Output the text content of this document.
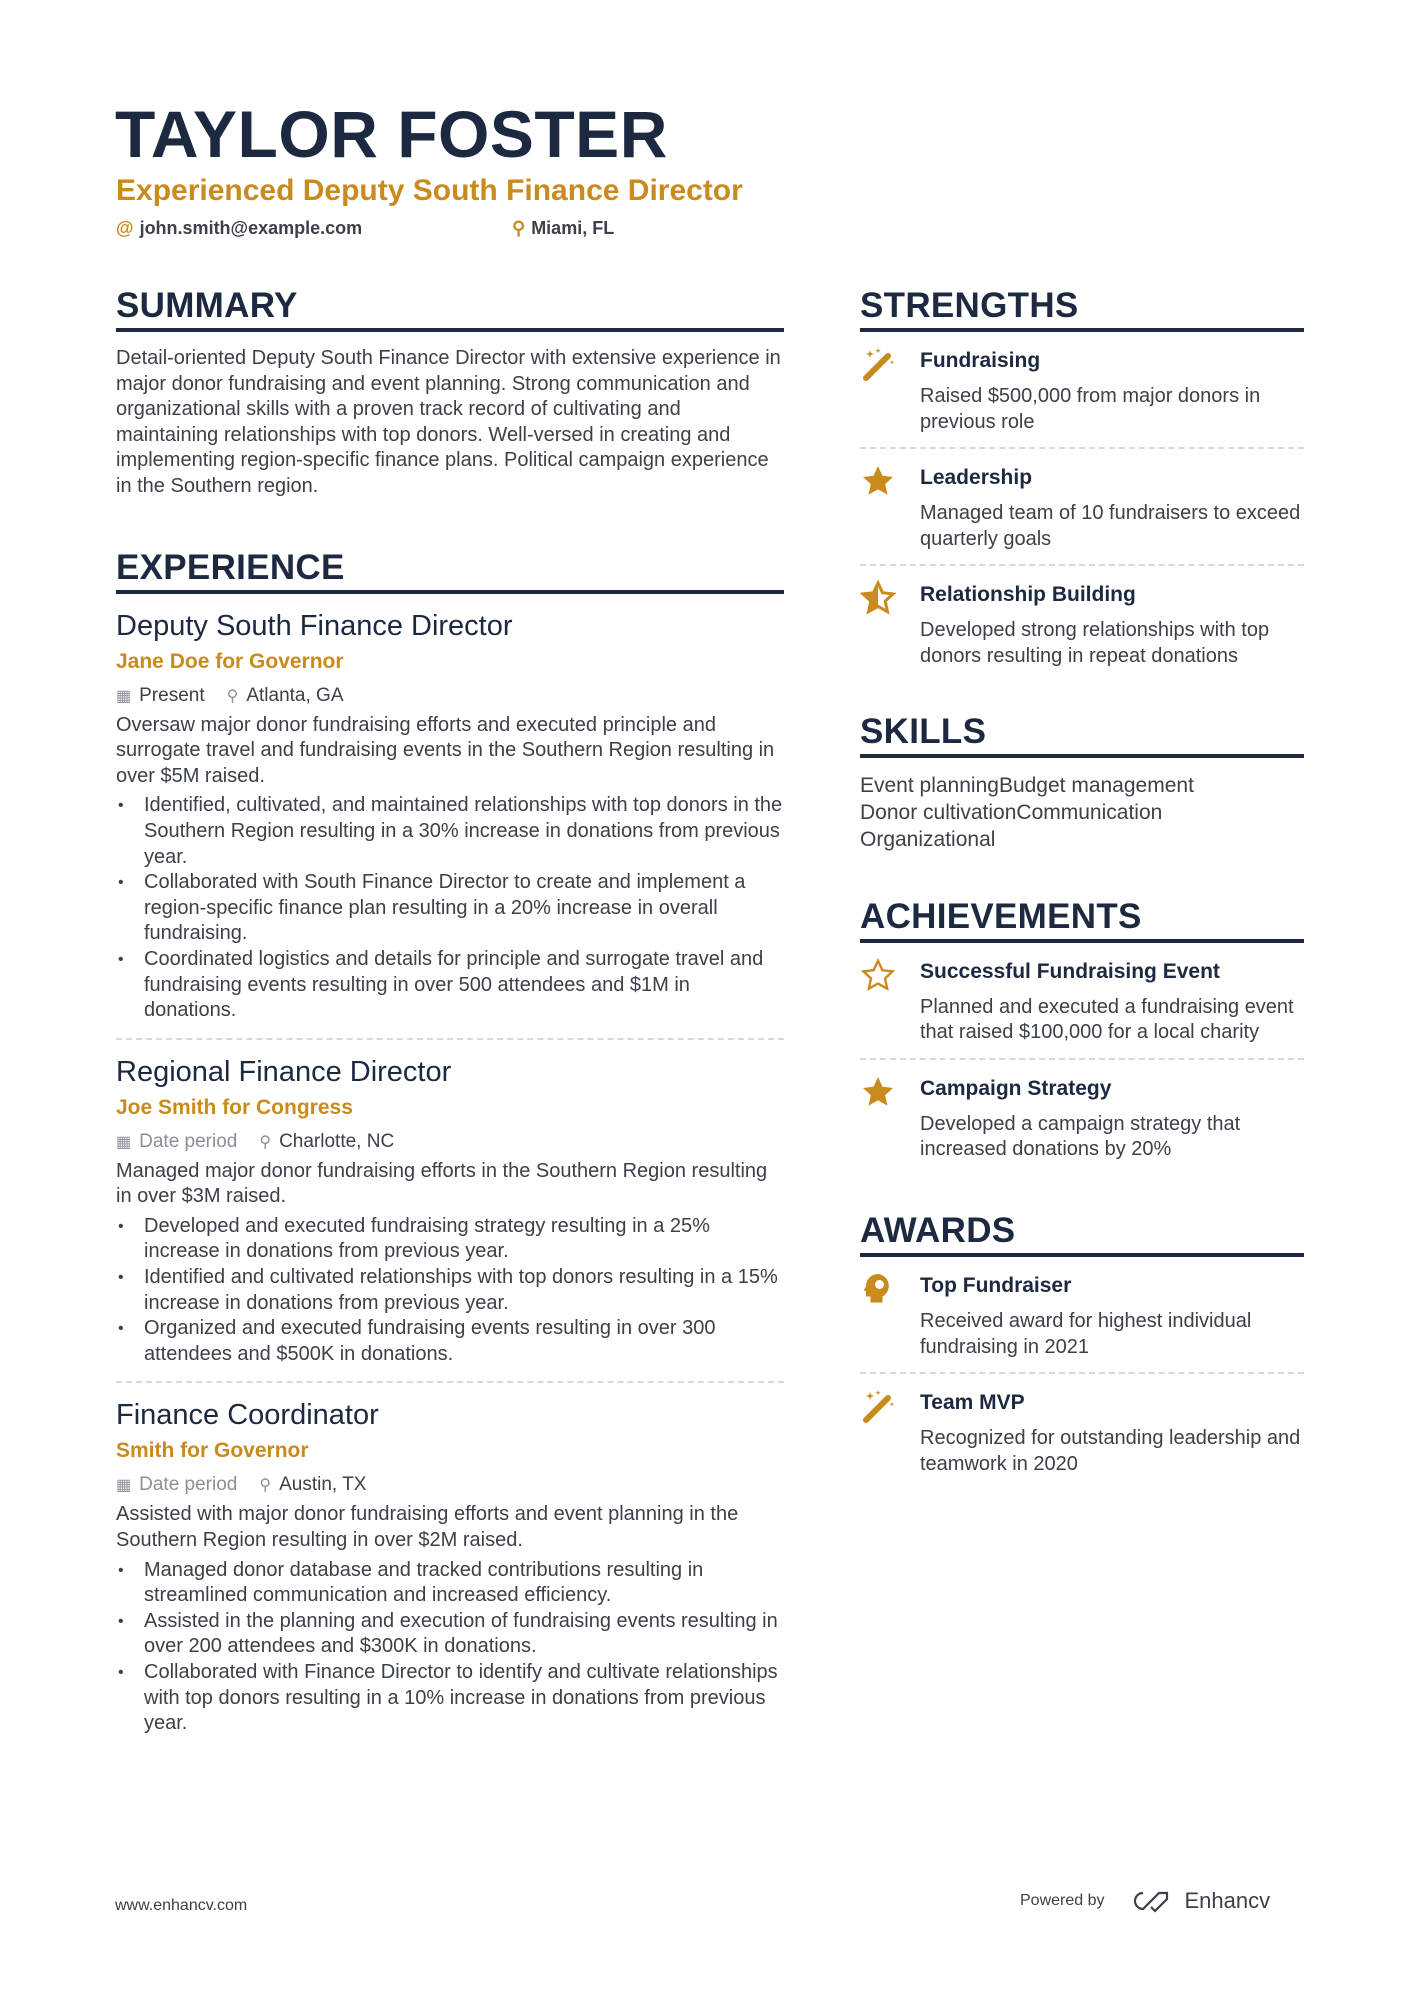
TAYLOR FOSTER
Experienced Deputy South Finance Director
@ john.smith@example.com	⚲ Miami, FL
SUMMARY
Detail-oriented Deputy South Finance Director with extensive experience in major donor fundraising and event planning. Strong communication and organizational skills with a proven track record of cultivating and maintaining relationships with top donors. Well-versed in creating and implementing region-specific finance plans. Political campaign experience in the Southern region.
EXPERIENCE
Deputy South Finance Director
Jane Doe for Governor
▦ Present ⚲ Atlanta, GA
Oversaw major donor fundraising efforts and executed principle and surrogate travel and fundraising events in the Southern Region resulting in over $5M raised.
• Identified, cultivated, and maintained relationships with top donors in the Southern Region resulting in a 30% increase in donations from previous year.
• Collaborated with South Finance Director to create and implement a region-specific finance plan resulting in a 20% increase in overall fundraising.
• Coordinated logistics and details for principle and surrogate travel and fundraising events resulting in over 500 attendees and $1M in donations.
Regional Finance Director
Joe Smith for Congress
▦ Date period ⚲ Charlotte, NC
Managed major donor fundraising efforts in the Southern Region resulting in over $3M raised.
• Developed and executed fundraising strategy resulting in a 25% increase in donations from previous year.
• Identified and cultivated relationships with top donors resulting in a 15% increase in donations from previous year.
• Organized and executed fundraising events resulting in over 300 attendees and $500K in donations.
Finance Coordinator
Smith for Governor
▦ Date period ⚲ Austin, TX
Assisted with major donor fundraising efforts and event planning in the Southern Region resulting in over $2M raised.
• Managed donor database and tracked contributions resulting in streamlined communication and increased efficiency.
• Assisted in the planning and execution of fundraising events resulting in over 200 attendees and $300K in donations.
• Collaborated with Finance Director to identify and cultivate relationships with top donors resulting in a 10% increase in donations from previous year.
STRENGTHS
Fundraising
Raised $500,000 from major donors in previous role
Leadership
Managed team of 10 fundraisers to exceed quarterly goals
Relationship Building
Developed strong relationships with top donors resulting in repeat donations
SKILLS
Event planningBudget management
Donor cultivationCommunication
Organizational
ACHIEVEMENTS
Successful Fundraising Event
Planned and executed a fundraising event that raised $100,000 for a local charity
Campaign Strategy
Developed a campaign strategy that increased donations by 20%
AWARDS
Top Fundraiser
Received award for highest individual fundraising in 2021
Team MVP
Recognized for outstanding leadership and teamwork in 2020
www.enhancv.com	Powered by	Enhancv
